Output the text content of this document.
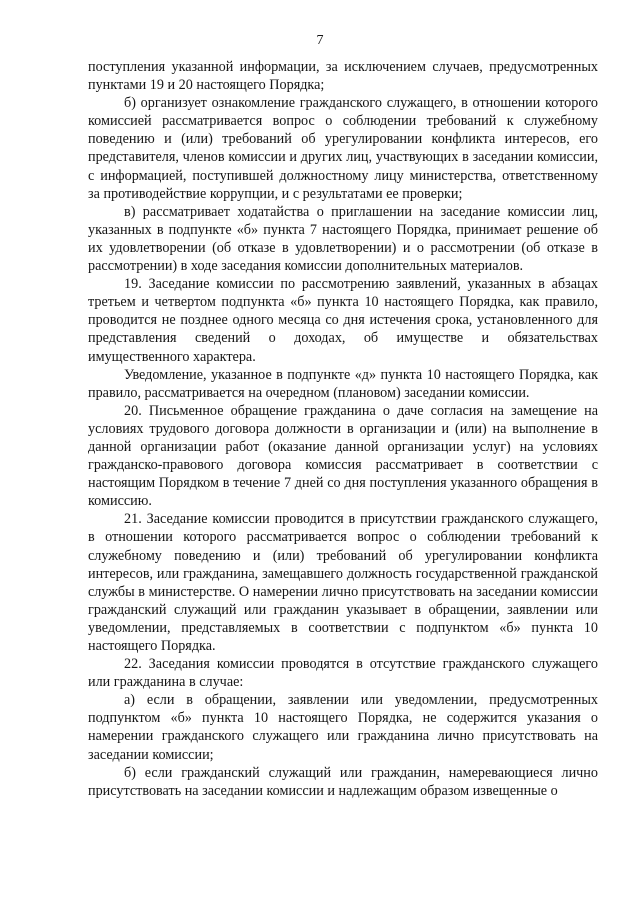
7

поступления указанной информации, за исключением случаев, предусмотренных пунктами 19 и 20 настоящего Порядка;

б) организует ознакомление гражданского служащего, в отношении которого комиссией рассматривается вопрос о соблюдении требований к служебному поведению и (или) требований об урегулировании конфликта интересов, его представителя, членов комиссии и других лиц, участвующих в заседании комиссии, с информацией, поступившей должностному лицу министерства, ответственному за противодействие коррупции, и с результатами ее проверки;

в) рассматривает ходатайства о приглашении на заседание комиссии лиц, указанных в подпункте «б» пункта 7 настоящего Порядка, принимает решение об их удовлетворении (об отказе в удовлетворении) и о рассмотрении (об отказе в рассмотрении) в ходе заседания комиссии дополнительных материалов.

19. Заседание комиссии по рассмотрению заявлений, указанных в абзацах третьем и четвертом подпункта «б» пункта 10 настоящего Порядка, как правило, проводится не позднее одного месяца со дня истечения срока, установленного для представления сведений о доходах, об имуществе и обязательствах имущественного характера.

Уведомление, указанное в подпункте «д» пункта 10 настоящего Порядка, как правило, рассматривается на очередном (плановом) заседании комиссии.

20. Письменное обращение гражданина о даче согласия на замещение на условиях трудового договора должности в организации и (или) на выполнение в данной организации работ (оказание данной организации услуг) на условиях гражданско-правового договора комиссия рассматривает в соответствии с настоящим Порядком в течение 7 дней со дня поступления указанного обращения в комиссию.

21. Заседание комиссии проводится в присутствии гражданского служащего, в отношении которого рассматривается вопрос о соблюдении требований к служебному поведению и (или) требований об урегулировании конфликта интересов, или гражданина, замещавшего должность государственной гражданской службы в министерстве. О намерении лично присутствовать на заседании комиссии гражданский служащий или гражданин указывает в обращении, заявлении или уведомлении, представляемых в соответствии с подпунктом «б» пункта 10 настоящего Порядка.

22. Заседания комиссии проводятся в отсутствие гражданского служащего или гражданина в случае:

а) если в обращении, заявлении или уведомлении, предусмотренных подпунктом «б» пункта 10 настоящего Порядка, не содержится указания о намерении гражданского служащего или гражданина лично присутствовать на заседании комиссии;

б) если гражданский служащий или гражданин, намеревающиеся лично присутствовать на заседании комиссии и надлежащим образом извещенные о
